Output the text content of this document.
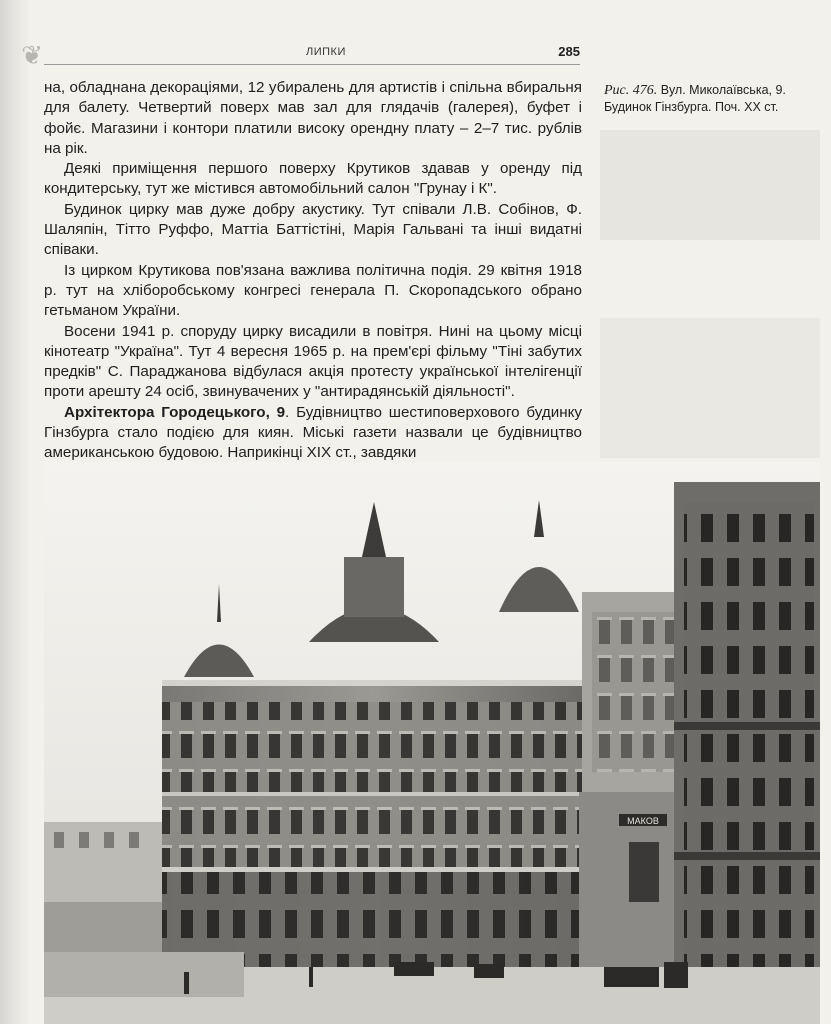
❦	ЛИПКИ	285

на, обладнана декораціями, 12 убиралень для артистів і спільна вбиральня для балету. Четвертий поверх мав зал для глядачів (галерея), буфет і фойє. Магазини і контори платили високу орендну плату – 2–7 тис. рублів на рік.

Деякі приміщення першого поверху Крутиков здавав у оренду під кондитерську, тут же містився автомобільний салон "Грунау і К".

Будинок цирку мав дуже добру акустику. Тут співали Л.В. Собінов, Ф. Шаляпін, Тітто Руффо, Маттіа Баттістіні, Марія Гальвані та інші видатні співаки.

Із цирком Крутикова пов'язана важлива політична подія. 29 квітня 1918 р. тут на хліборобському конгресі генерала П. Скоропадського обрано гетьманом України.

Восени 1941 р. споруду цирку висадили в повітря. Нині на цьому місці кінотеатр "Україна". Тут 4 вересня 1965 р. на прем'єрі фільму "Тіні забутих предків" С. Параджанова відбулася акція протесту української інтелігенції проти арешту 24 осіб, звинувачених у "антирадянській діяльності".

Архітектора Городецького, 9. Будівництво шестиповерхового будинку Гінзбурга стало подією для киян. Міські газети назвали це будівництво американською будовою. Наприкінці XIX ст., завдяки

Рис. 476. Вул. Миколаївська, 9. Будинок Гінзбурга. Поч. XX ст.
МАКОВ
